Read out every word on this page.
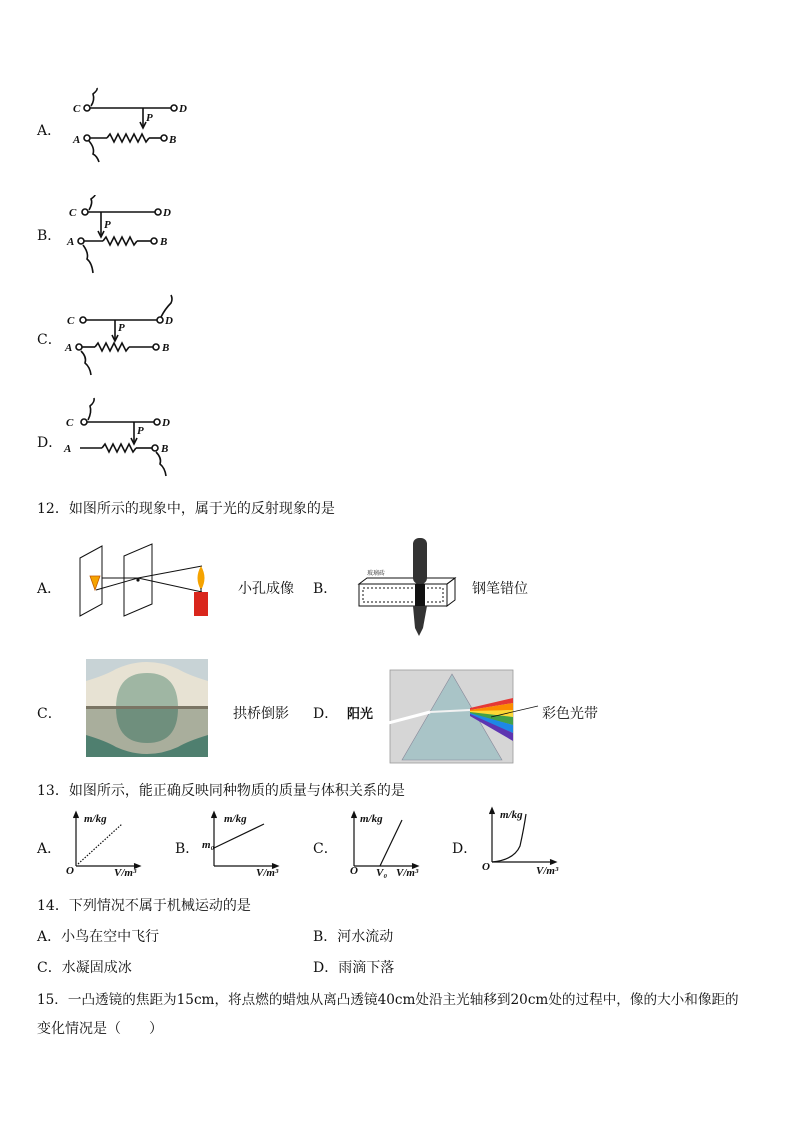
A．
C	D
A	B
P
B．
C	D
A	B
P
C．
C	D
A	B
P
D．
C	D
A	B
P
12．如图所示的现象中，属于光的反射现象的是
A．	小孔成像 B．
玻璃砖
钢笔错位
C．	拱桥倒影 D． 阳光	彩色光带
13．如图所示，能正确反映同种物质的质量与体积关系的是
A．
m/kg
V/m³
O
B．
m/kg
m₀
V/m³
C．
m/kg
O V₀ V/m³
D．
m/kg
O	V/m³
14．下列情况不属于机械运动的是
A．小鸟在空中飞行	B．河水流动
C．水凝固成冰	D．雨滴下落
15．一凸透镜的焦距为15cm，将点燃的蜡烛从离凸透镜40cm处沿主光轴移到20cm处的过程中，像的大小和像距的
变化情况是（　　）
